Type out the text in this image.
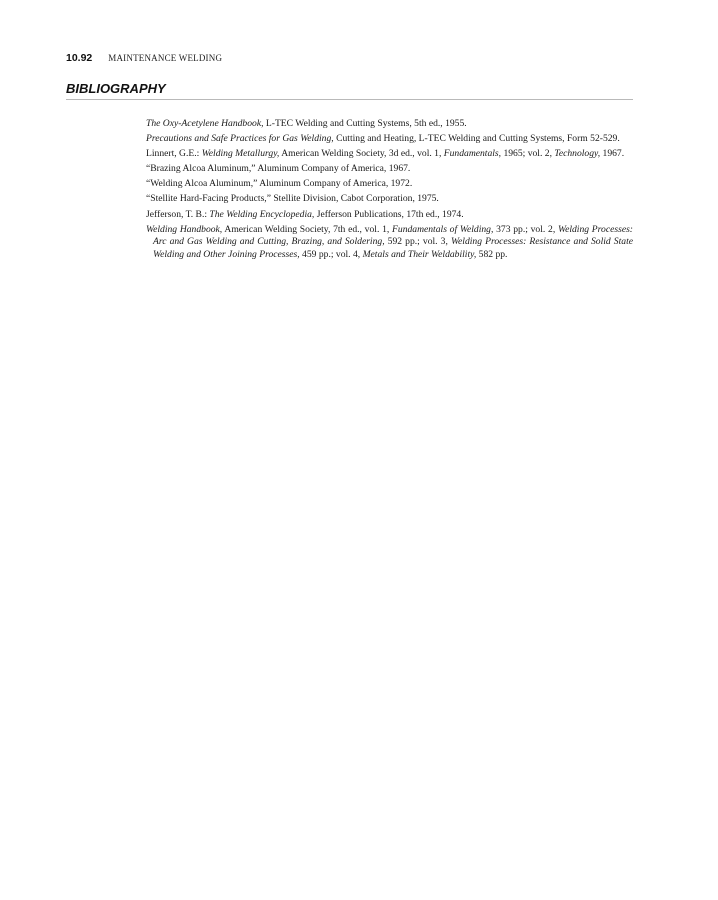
10.92 MAINTENANCE WELDING
BIBLIOGRAPHY
The Oxy-Acetylene Handbook, L-TEC Welding and Cutting Systems, 5th ed., 1955.
Precautions and Safe Practices for Gas Welding, Cutting and Heating, L-TEC Welding and Cutting Systems, Form 52-529.
Linnert, G.E.: Welding Metallurgy, American Welding Society, 3d ed., vol. 1, Fundamentals, 1965; vol. 2, Technology, 1967.
“Brazing Alcoa Aluminum,” Aluminum Company of America, 1967.
“Welding Alcoa Aluminum,” Aluminum Company of America, 1972.
“Stellite Hard-Facing Products,” Stellite Division, Cabot Corporation, 1975.
Jefferson, T. B.: The Welding Encyclopedia, Jefferson Publications, 17th ed., 1974.
Welding Handbook, American Welding Society, 7th ed., vol. 1, Fundamentals of Welding, 373 pp.; vol. 2, Welding Processes: Arc and Gas Welding and Cutting, Brazing, and Soldering, 592 pp.; vol. 3, Welding Processes: Resistance and Solid State Welding and Other Joining Processes, 459 pp.; vol. 4, Metals and Their Weldability, 582 pp.
